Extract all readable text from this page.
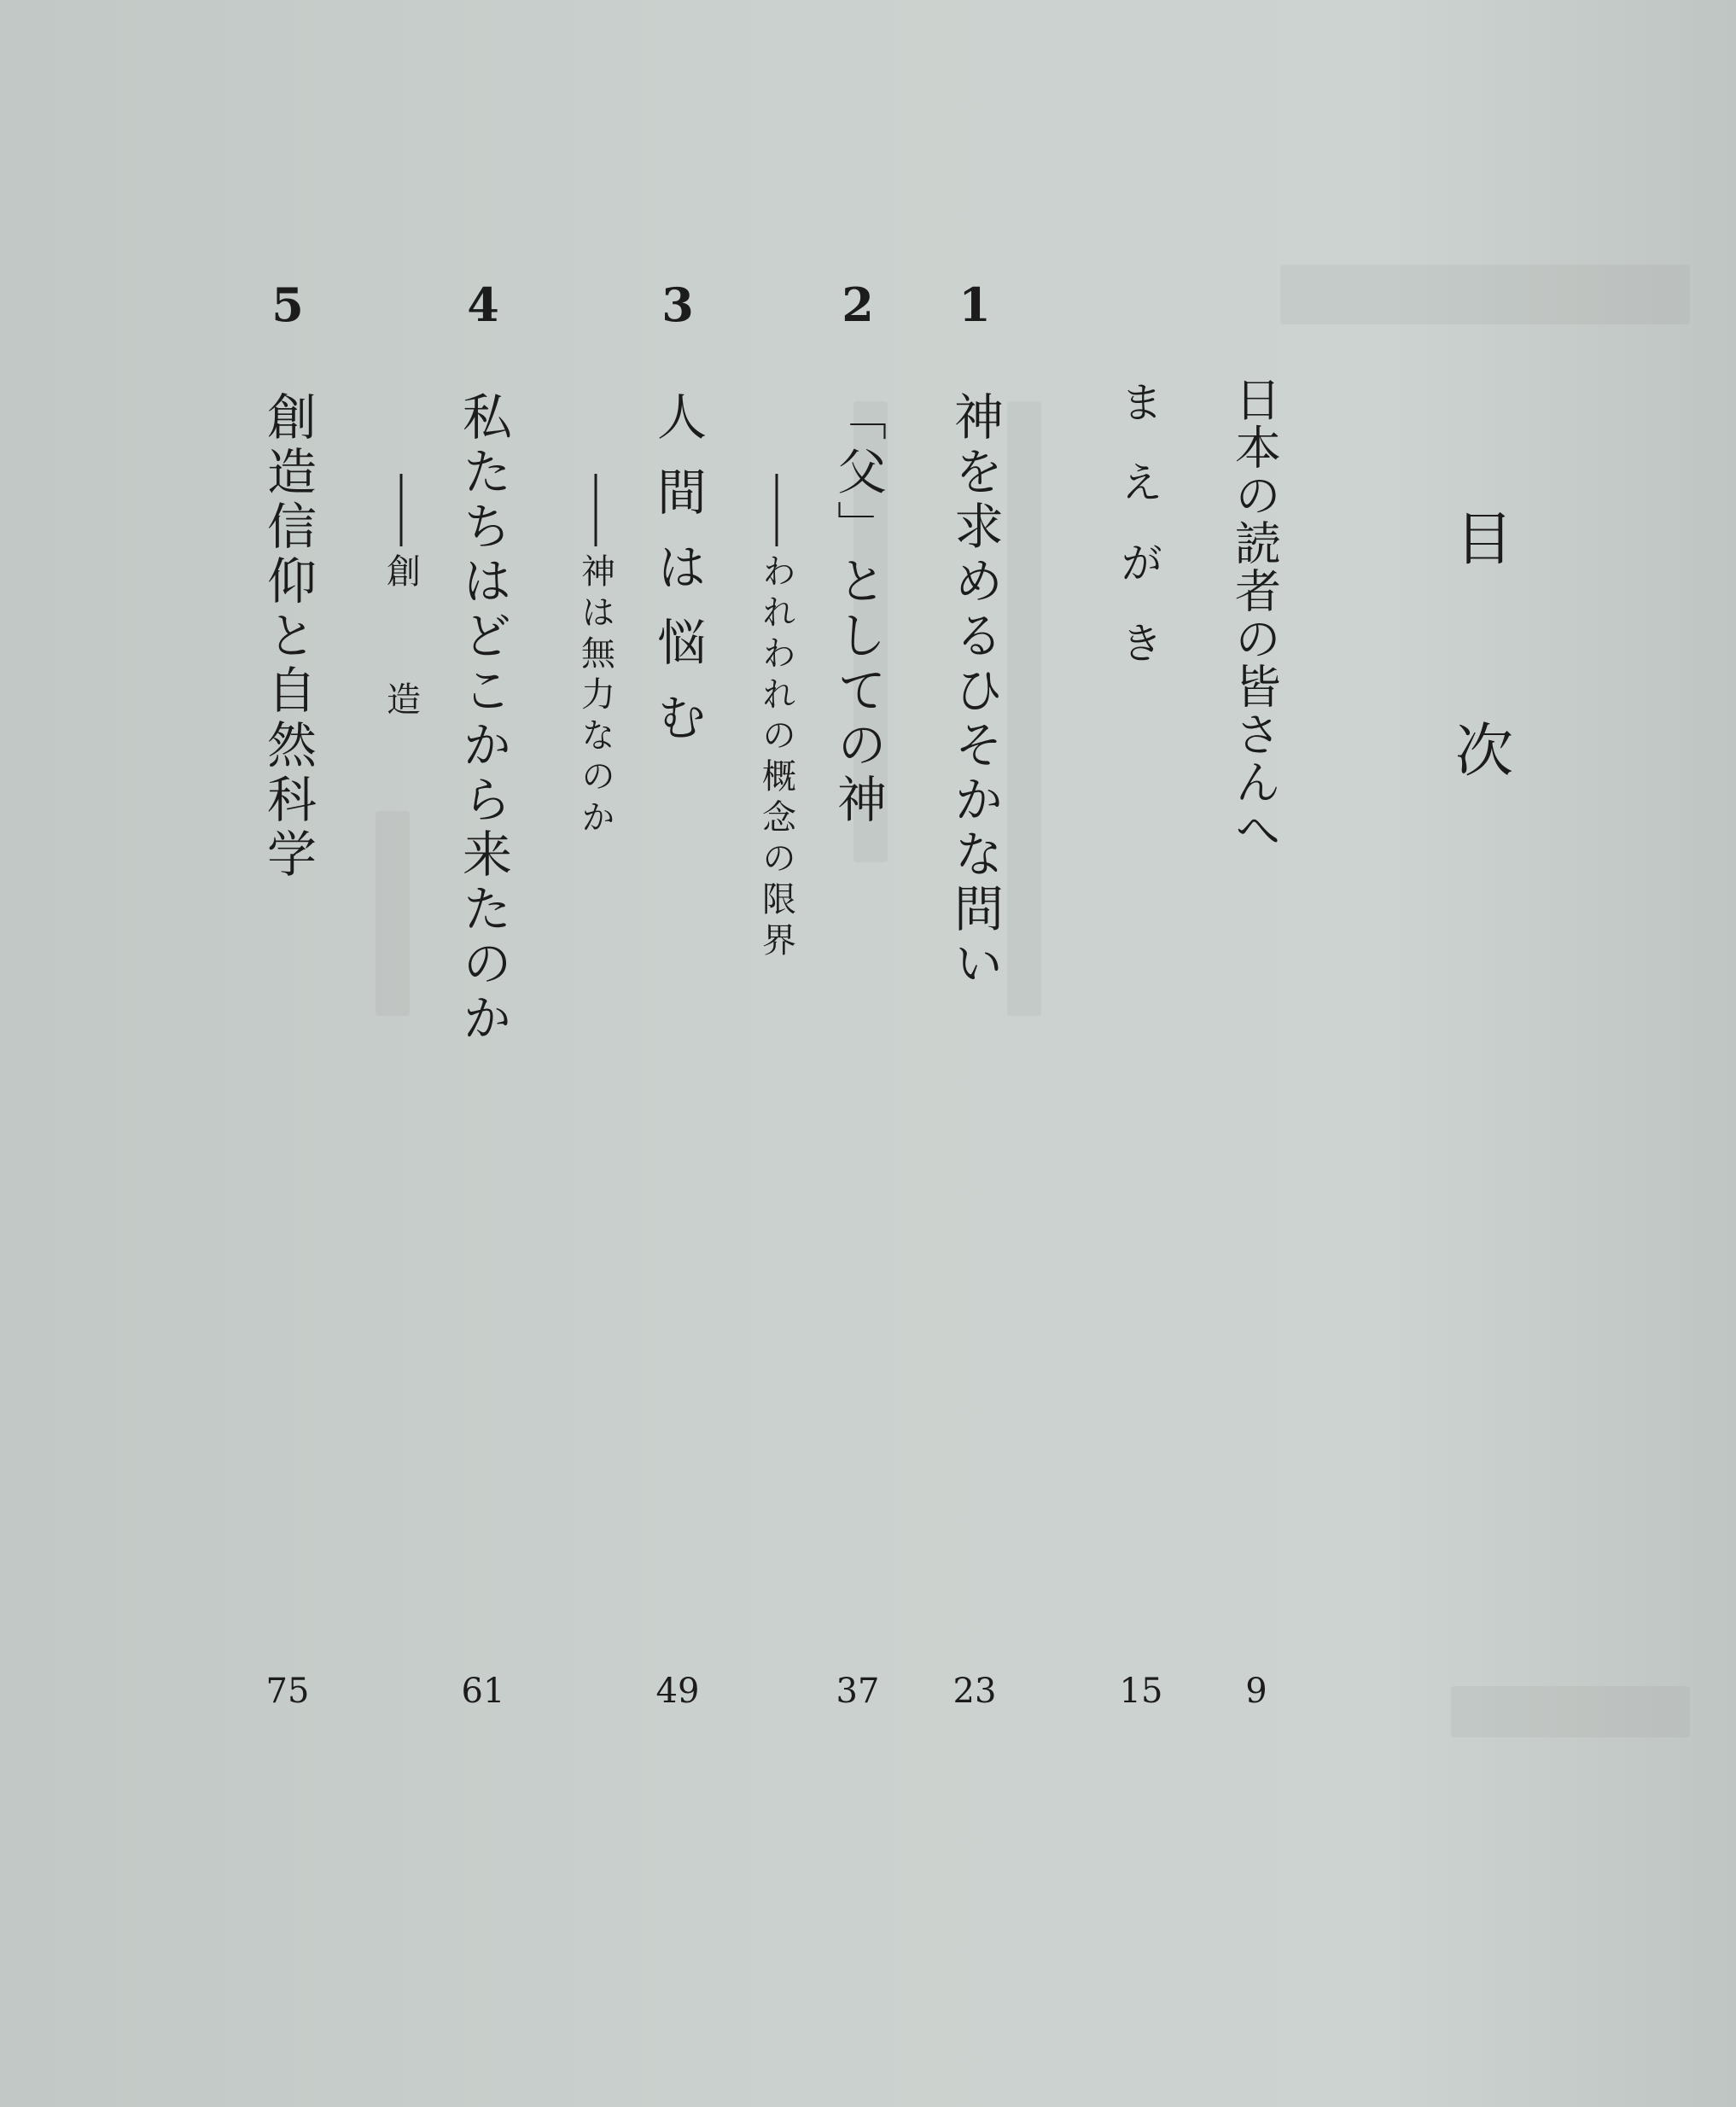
目次
日本の読者の皆さんへ
9
まえがき
15
1
神を求めるひそかな問い
23
2
「父」としての神
われわれの概念の限界
37
3
人間は悩む
神は無力なのか
49
4
私たちはどこから来たのか
創造
61
5
創造信仰と自然科学
75
